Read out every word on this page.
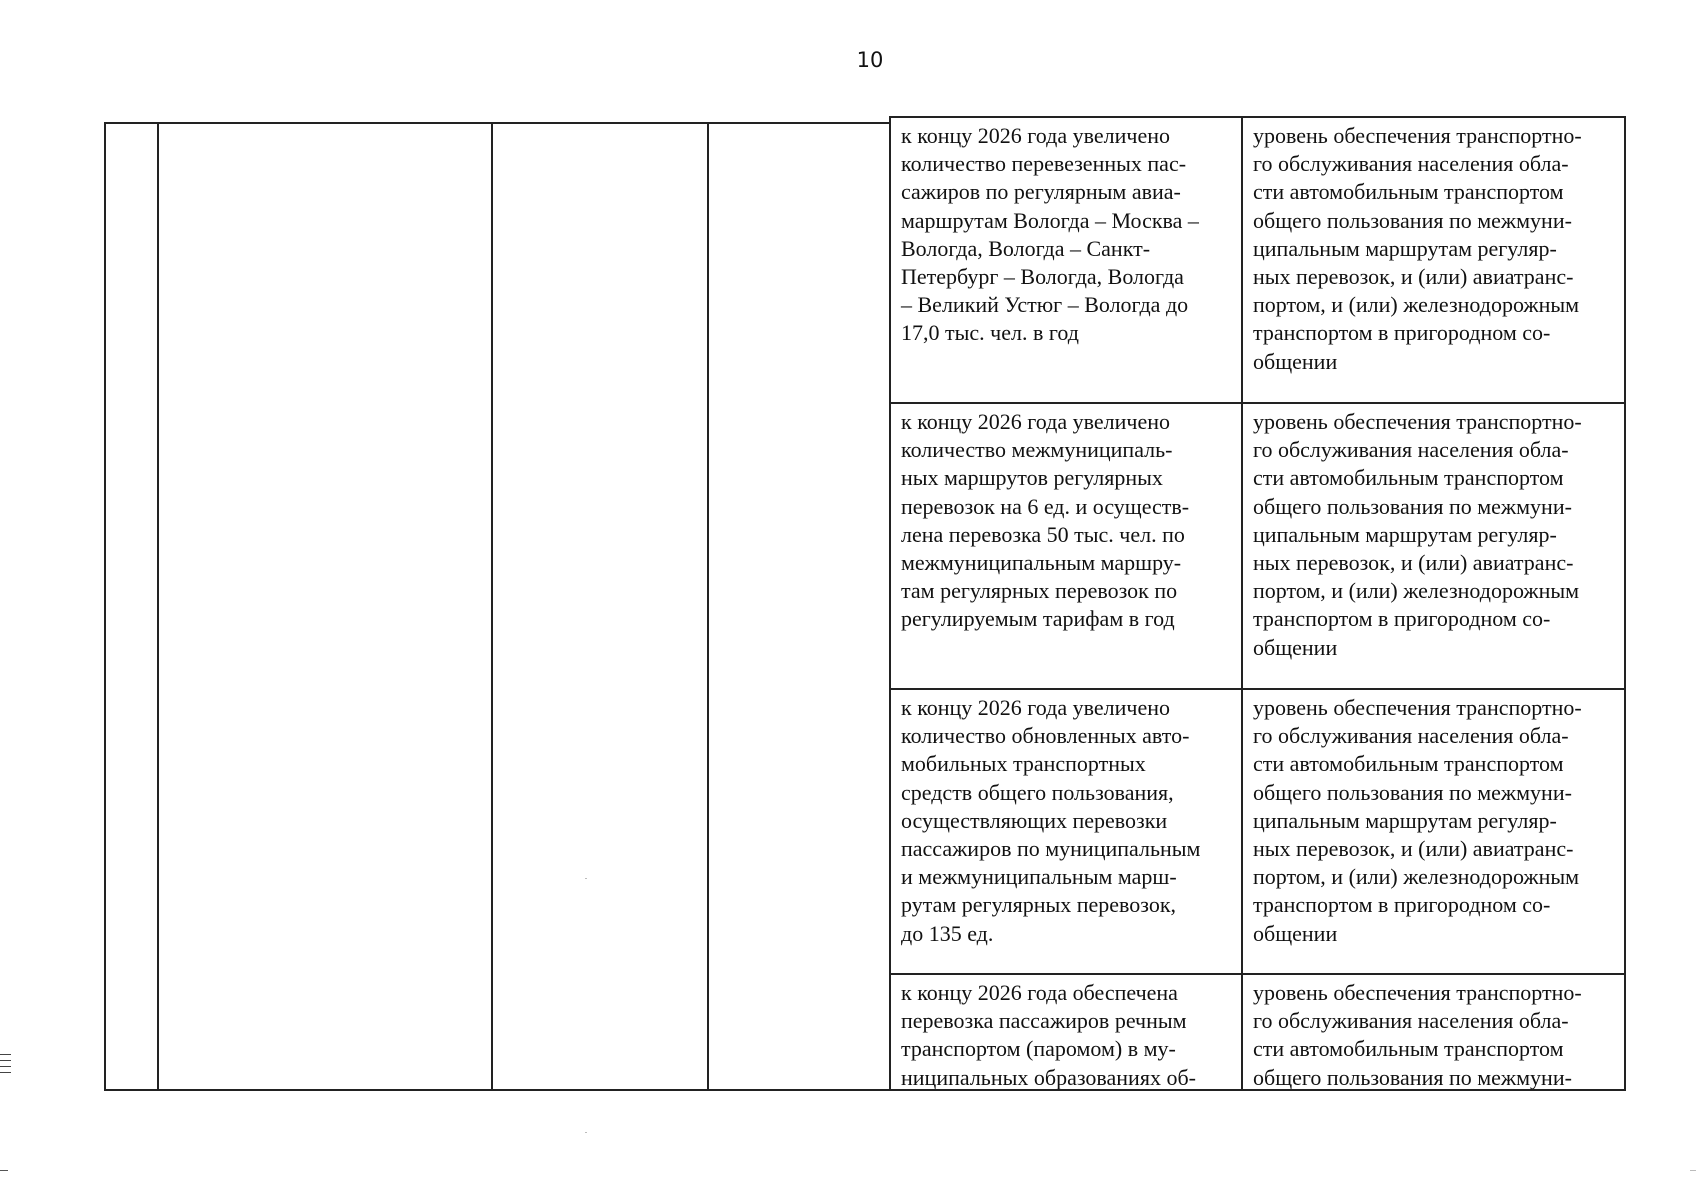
10
к концу 2026 года увеличено
количество перевезенных пас-
сажиров по регулярным авиа-
маршрутам Вологда – Москва –
Вологда, Вологда – Санкт-
Петербург – Вологда, Вологда
– Великий Устюг – Вологда до
17,0 тыс. чел. в год
уровень обеспечения транспортно-
го обслуживания населения обла-
сти автомобильным транспортом
общего пользования по межмуни-
ципальным маршрутам регуляр-
ных перевозок, и (или) авиатранс-
портом, и (или) железнодорожным
транспортом в пригородном со-
общении
к концу 2026 года увеличено
количество межмуниципаль-
ных маршрутов регулярных
перевозок на 6 ед. и осуществ-
лена перевозка 50 тыс. чел. по
межмуниципальным маршру-
там регулярных перевозок по
регулируемым тарифам в год
уровень обеспечения транспортно-
го обслуживания населения обла-
сти автомобильным транспортом
общего пользования по межмуни-
ципальным маршрутам регуляр-
ных перевозок, и (или) авиатранс-
портом, и (или) железнодорожным
транспортом в пригородном со-
общении
к концу 2026 года увеличено
количество обновленных авто-
мобильных транспортных
средств общего пользования,
осуществляющих перевозки
пассажиров по муниципальным
и межмуниципальным марш-
рутам регулярных перевозок,
до 135 ед.
уровень обеспечения транспортно-
го обслуживания населения обла-
сти автомобильным транспортом
общего пользования по межмуни-
ципальным маршрутам регуляр-
ных перевозок, и (или) авиатранс-
портом, и (или) железнодорожным
транспортом в пригородном со-
общении
к концу 2026 года обеспечена
перевозка пассажиров речным
транспортом (паромом) в му-
ниципальных образованиях об-
уровень обеспечения транспортно-
го обслуживания населения обла-
сти автомобильным транспортом
общего пользования по межмуни-
